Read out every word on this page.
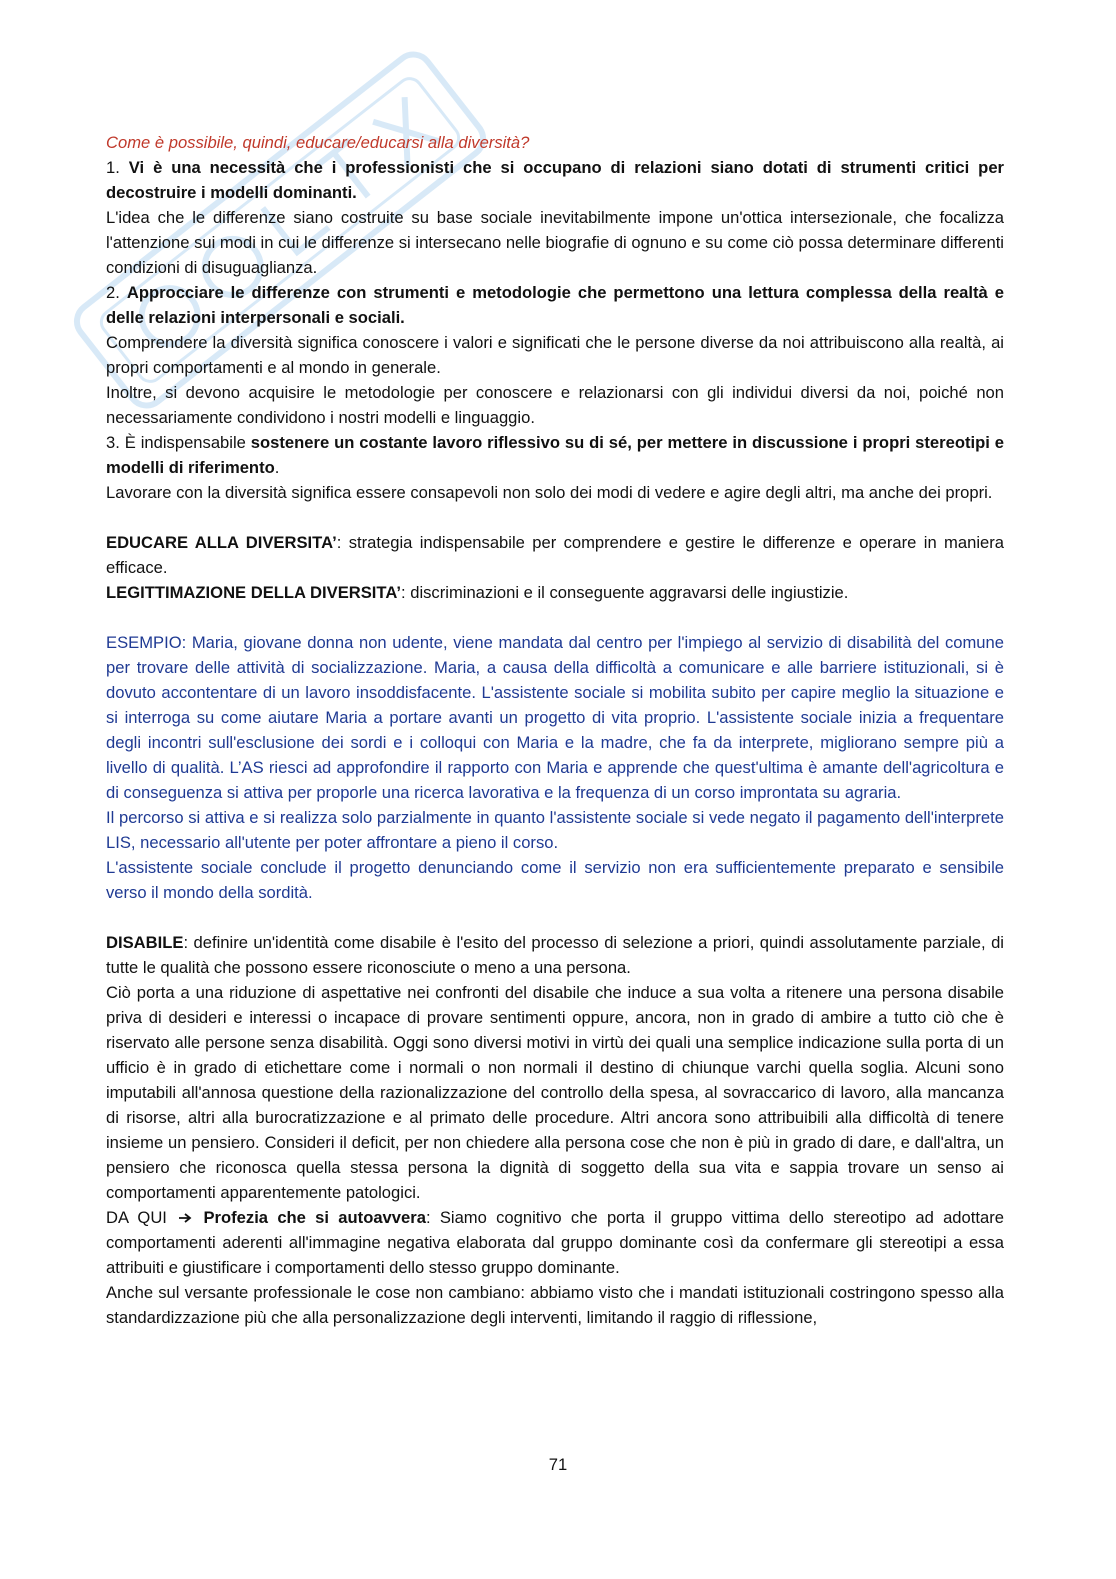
Come è possibile, quindi, educare/educarsi alla diversità?

1. Vi è una necessità che i professionisti che si occupano di relazioni siano dotati di strumenti critici per decostruire i modelli dominanti.

L'idea che le differenze siano costruite su base sociale inevitabilmente impone un'ottica intersezionale, che focalizza l'attenzione sui modi in cui le differenze si intersecano nelle biografie di ognuno e su come ciò possa determinare differenti condizioni di disuguaglianza.

2. Approcciare le differenze con strumenti e metodologie che permettono una lettura complessa della realtà e delle relazioni interpersonali e sociali.

Comprendere la diversità significa conoscere i valori e significati che le persone diverse da noi attribuiscono alla realtà, ai propri comportamenti e al mondo in generale.

Inoltre, si devono acquisire le metodologie per conoscere e relazionarsi con gli individui diversi da noi, poiché non necessariamente condividono i nostri modelli e linguaggio.

3. È indispensabile sostenere un costante lavoro riflessivo su di sé, per mettere in discussione i propri stereotipi e modelli di riferimento.

Lavorare con la diversità significa essere consapevoli non solo dei modi di vedere e agire degli altri, ma anche dei propri.

EDUCARE ALLA DIVERSITA’: strategia indispensabile per comprendere e gestire le differenze e operare in maniera efficace.

LEGITTIMAZIONE DELLA DIVERSITA’: discriminazioni e il conseguente aggravarsi delle ingiustizie.

ESEMPIO: Maria, giovane donna non udente, viene mandata dal centro per l'impiego al servizio di disabilità del comune per trovare delle attività di socializzazione. Maria, a causa della difficoltà a comunicare e alle barriere istituzionali, si è dovuto accontentare di un lavoro insoddisfacente. L'assistente sociale si mobilita subito per capire meglio la situazione e si interroga su come aiutare Maria a portare avanti un progetto di vita proprio. L'assistente sociale inizia a frequentare degli incontri sull'esclusione dei sordi e i colloqui con Maria e la madre, che fa da interprete, migliorano sempre più a livello di qualità. L’AS riesci ad approfondire il rapporto con Maria e apprende che quest'ultima è amante dell'agricoltura e di conseguenza si attiva per proporle una ricerca lavorativa e la frequenza di un corso improntata su agraria.

Il percorso si attiva e si realizza solo parzialmente in quanto l'assistente sociale si vede negato il pagamento dell'interprete LIS, necessario all'utente per poter affrontare a pieno il corso.

L'assistente sociale conclude il progetto denunciando come il servizio non era sufficientemente preparato e sensibile verso il mondo della sordità.

DISABILE: definire un'identità come disabile è l'esito del processo di selezione a priori, quindi assolutamente parziale, di tutte le qualità che possono essere riconosciute o meno a una persona.

Ciò porta a una riduzione di aspettative nei confronti del disabile che induce a sua volta a ritenere una persona disabile priva di desideri e interessi o incapace di provare sentimenti oppure, ancora, non in grado di ambire a tutto ciò che è riservato alle persone senza disabilità. Oggi sono diversi motivi in virtù dei quali una semplice indicazione sulla porta di un ufficio è in grado di etichettare come i normali o non normali il destino di chiunque varchi quella soglia. Alcuni sono imputabili all'annosa questione della razionalizzazione del controllo della spesa, al sovraccarico di lavoro, alla mancanza di risorse, altri alla burocratizzazione e al primato delle procedure. Altri ancora sono attribuibili alla difficoltà di tenere insieme un pensiero. Consideri il deficit, per non chiedere alla persona cose che non è più in grado di dare, e dall'altra, un pensiero che riconosca quella stessa persona la dignità di soggetto della sua vita e sappia trovare un senso ai comportamenti apparentemente patologici.

DA QUI Profezia che si autoavvera: Siamo cognitivo che porta il gruppo vittima dello stereotipo ad adottare comportamenti aderenti all'immagine negativa elaborata dal gruppo dominante così da confermare gli stereotipi a essa attribuiti e giustificare i comportamenti dello stesso gruppo dominante.

Anche sul versante professionale le cose non cambiano: abbiamo visto che i mandati istituzionali costringono spesso alla standardizzazione più che alla personalizzazione degli interventi, limitando il raggio di riflessione,

71
